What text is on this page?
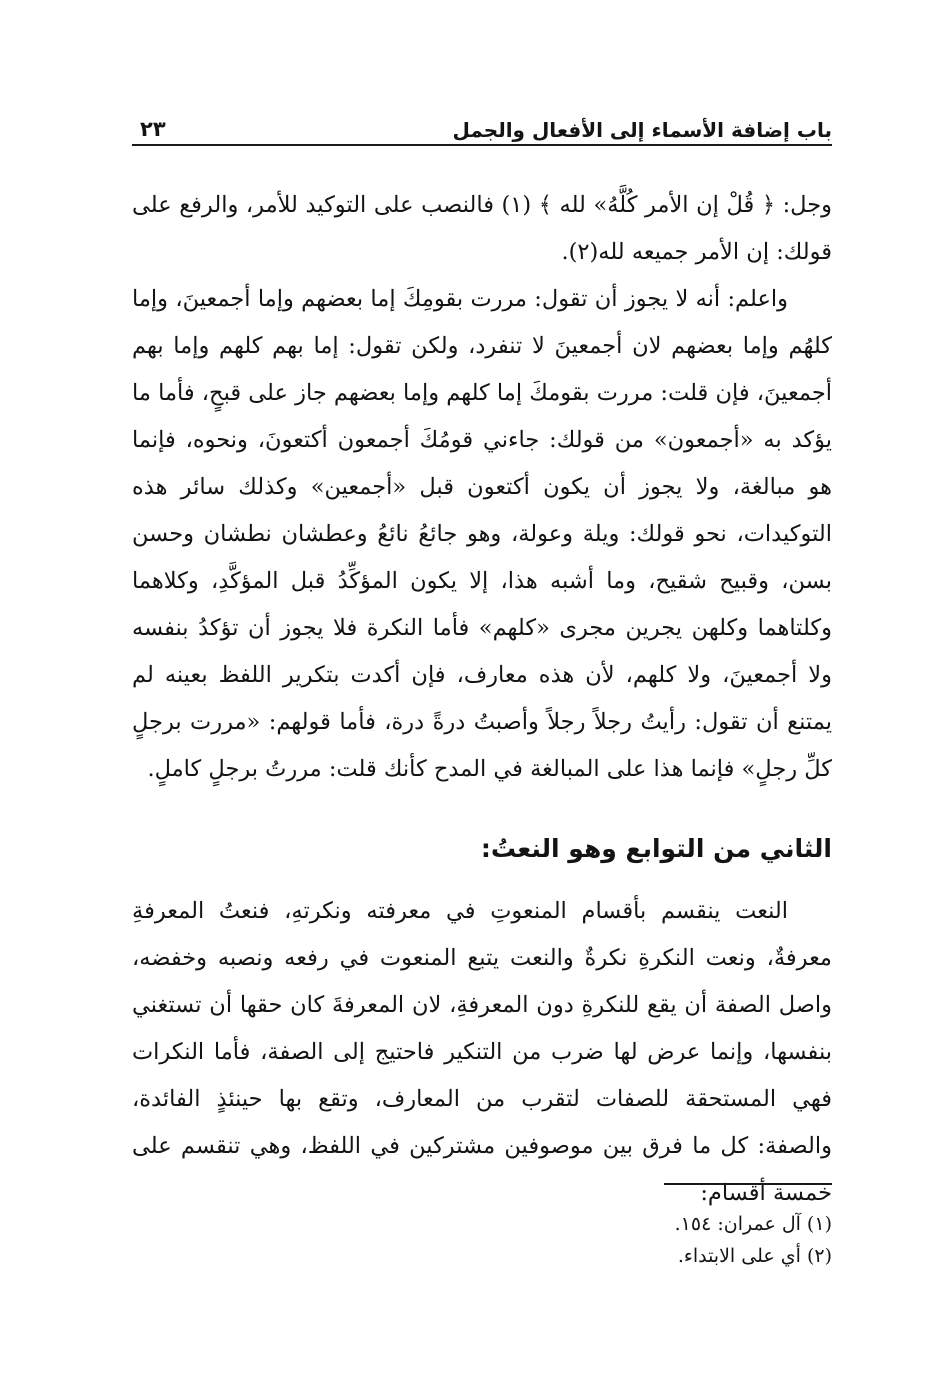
باب إضافة الأسماء إلى الأفعال والجمل
٢٣

وجل: ﴿ قُلْ إن الأمر كُلَّهُ» لله ﴾ (١) فالنصب على التوكيد للأمر، والرفع على قولك: إن الأمر جميعه لله(٢).

واعلم: أنه لا يجوز أن تقول: مررت بقومِكَ إما بعضهم وإما أجمعينَ، وإما كلهُم وإما بعضهم لان أجمعينَ لا تنفرد، ولكن تقول: إما بهم كلهم وإما بهم أجمعينَ، فإن قلت: مررت بقومكَ إما كلهم وإما بعضهم جاز على قبحٍ، فأما ما يؤكد به «أجمعون» من قولك: جاءني قومُكَ أجمعون أكتعونَ، ونحوه، فإنما هو مبالغة، ولا يجوز أن يكون أكتعون قبل «أجمعين» وكذلك سائر هذه التوكيدات، نحو قولك: ويلة وعولة، وهو جائعُ نائعُ وعطشان نطشان وحسن بسن، وقبيح شقيح، وما أشبه هذا، إلا يكون المؤكِّدُ قبل المؤكَّدِ، وكلاهما وكلتاهما وكلهن يجرين مجرى «كلهم» فأما النكرة فلا يجوز أن تؤكدُ بنفسه ولا أجمعينَ، ولا كلهم، لأن هذه معارف، فإن أكدت بتكرير اللفظ بعينه لم يمتنع أن تقول: رأيتُ رجلاً رجلاً وأصبتُ درةً درة، فأما قولهم: «مررت برجلٍ كلِّ رجلٍ» فإنما هذا على المبالغة في المدح كأنك قلت: مررتُ برجلٍ كاملٍ.

الثاني من التوابع وهو النعتُ:

النعت ينقسم بأقسام المنعوتِ في معرفته ونكرتهِ، فنعتُ المعرفةِ معرفةٌ، ونعت النكرةِ نكرةٌ والنعت يتبع المنعوت في رفعه ونصبه وخفضه، واصل الصفة أن يقع للنكرةِ دون المعرفةِ، لان المعرفةَ كان حقها أن تستغني بنفسها، وإنما عرض لها ضرب من التنكير فاحتيج إلى الصفة، فأما النكرات فهي المستحقة للصفات لتقرب من المعارف، وتقع بها حينئذٍ الفائدة، والصفة: كل ما فرق بين موصوفين مشتركين في اللفظ، وهي تنقسم على خمسة أقسام:

(١) آل عمران: ١٥٤.

(٢) أي على الابتداء.
